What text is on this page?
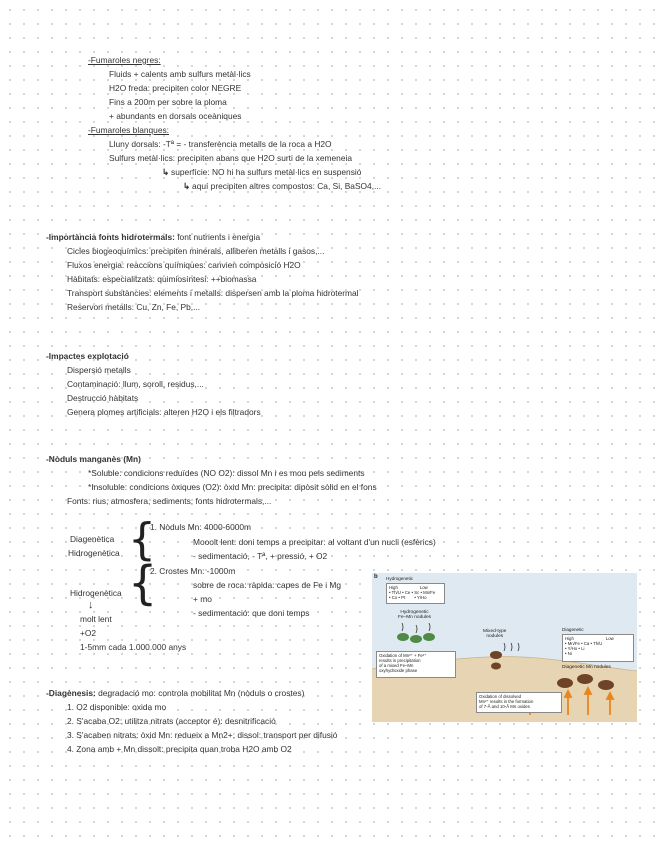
-Fumaroles negres:
Fluids + calents amb sulfurs metàl·lics
H2O freda: precipiten color NEGRE
Fins a 200m per sobre la ploma
+ abundants en dorsals oceàniques
-Fumaroles blanques:
Lluny dorsals: -Tª = - transferència metalls de la roca a H2O
Sulfurs metàl·lics: precipiten abans que H2O surti de la xemeneia
↳ superfície: NO hi ha sulfurs metàl·lics en suspensió
↳ aquí precipiten altres compostos: Ca, Si, BaSO4,...
-Importància fonts hidrotermals: font nutrients i energia
Cicles biogeoquímics: precipiten minerals, alliberen metalls i gasos,...
Fluxos energia: reaccions químiques: canvien composició H2O
Hàbitats: especialitzats: quimiosíntesi: ++biomassa
Transport substàncies: elements i metalls: dispersen amb la ploma hidrotermal
Reservori metalls: Cu, Zn, Fe, Pb,...
-Impactes explotació
Dispersió metalls
Contaminació: llum, soroll, residus,...
Destrucció hàbitats
Genera plomes artificials: alteren H2O i els filtradors
-Nòduls manganès (Mn)
*Soluble: condicions reduïdes (NO O2): dissol Mn i es mou pels sediments
*Insoluble: condicions òxiques (O2): òxid Mn: precipita: dipòsit sòlid en el fons
Fonts: rius, atmosfera, sediments, fonts hidrotermals,...
Diagenètica
Hidrogenètica {
1. Nòduls Mn: 4000-6000m
Mooolt lent: doni temps a precipitar: al voltant d'un nucli (esfèrics)
- sedimentació, - Tª, + pressió, + O2
2. Crostes Mn: -1000m
sobre de roca: ràpida: capes de Fe i Mg
+ mo
- sedimentació: que doni temps
{
Hidrogenètica
↓
molt lent
+O2
1-5mm cada 1.000.000 anys
-Diagènesis: degradació mo: controla mobilitat Mn (nòduls o crostes)
1. O2 disponible: oxida mo
2. S'acaba O2: utilitza nitrats (acceptor é): desnitrificació
3. S'acaben nitrats: òxid Mn: redueix a Mn2+: dissol: transport per difusió
4. Zona amb + Mn dissolt: precipita quan troba H2O amb O2
b Hydrogenetic
High	Low
• Th/U • Ce • Sc • Mn/Fe
• Co • Pt • Y/Ho
Hydrogenetic
Fe–Mn nodules
Mixed-type
nodules
Diagenetic
High	Low
• Mn/Fe • Ca • Th/U
• Y/Ho • Li
• Ni
Diagenetic Mn nodules
Oxidation of Mn²⁺ + Fe²⁺
results in precipitation
of a mixed Fe–Mn
oxyhydroxide phase
Oxidation of dissolved
Mn²⁺ results in the formation
of 7-Å and 10-Å Mn oxides
